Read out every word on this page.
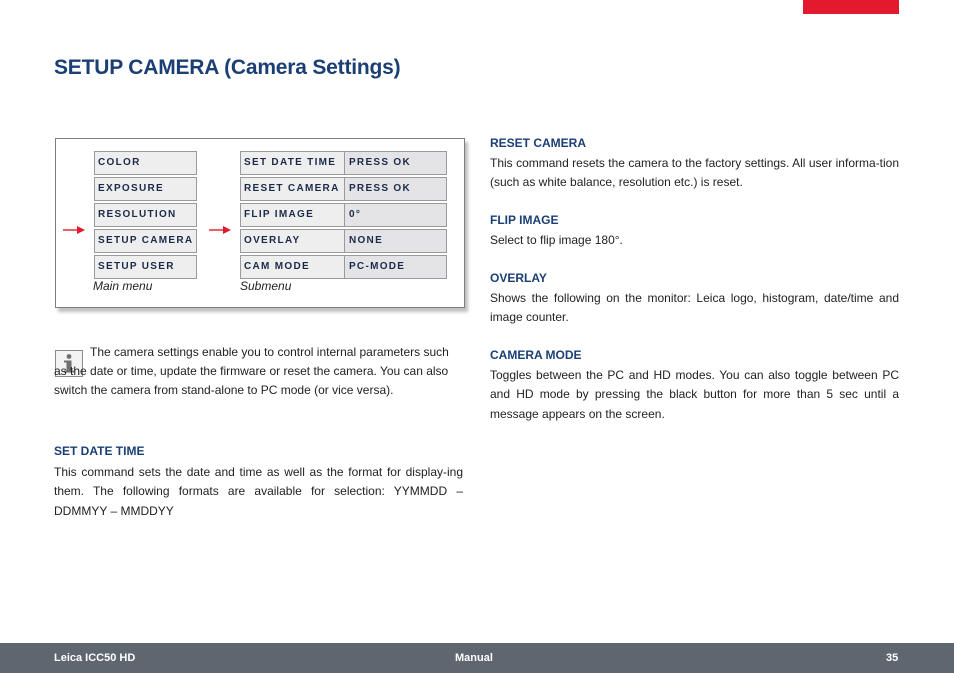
SETUP CAMERA (Camera Settings)
COLOR
EXPOSURE
RESOLUTION
SETUP CAMERA
SETUP USER
SET DATE TIME	PRESS OK
RESET CAMERA PRESS OK
FLIP IMAGE	0°
OVERLAY	NONE
CAM MODE	PC-MODE
Main menu	Submenu

The camera settings enable you to control internal parameters such as the date or time, update the firmware or reset the camera. You can also switch the camera from stand-alone to PC mode (or vice versa).

SET DATE TIME

This command sets the date and time as well as the format for display-ing them. The following formats are available for selection: YYMMDD – DDMMYY – MMDDYY

RESET CAMERA

This command resets the camera to the factory settings. All user informa-tion (such as white balance, resolution etc.) is reset.

FLIP IMAGE

Select to flip image 180°.

OVERLAY

Shows the following on the monitor: Leica logo, histogram, date/time and image counter.

CAMERA MODE

Toggles between the PC and HD modes. You can also toggle between PC and HD mode by pressing the black button for more than 5 sec until a message appears on the screen.

Leica ICC50 HD	Manual	35
